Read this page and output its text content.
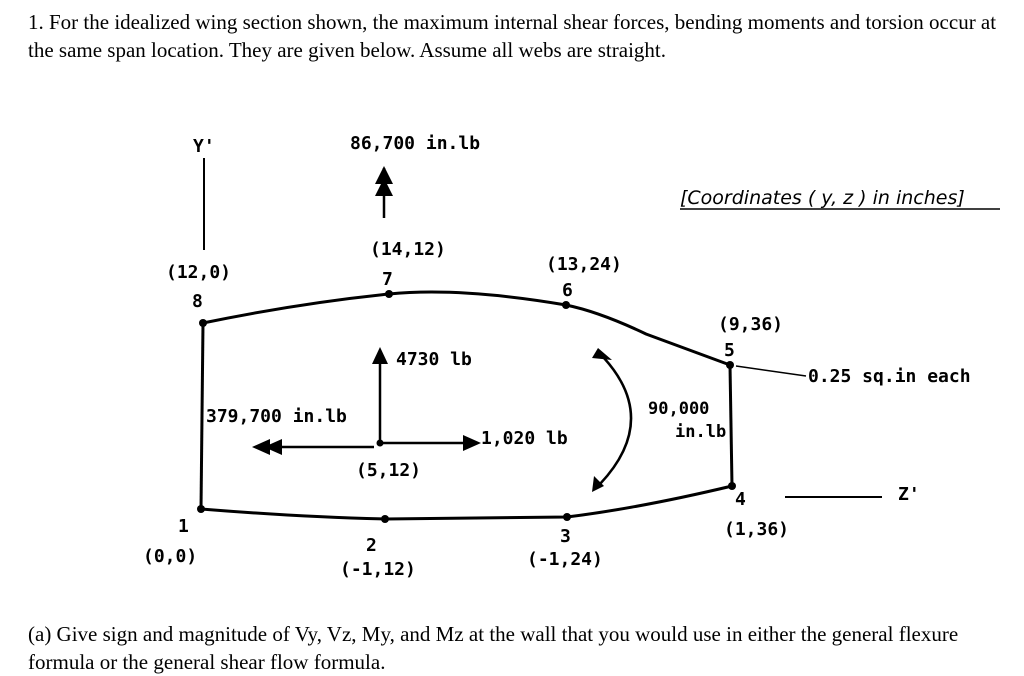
1. For the idealized wing section shown, the maximum internal shear forces, bending moments and torsion occur at the same span location. They are given below. Assume all webs are straight.

Y'
Z'
1
2	3
4
5
6
7
8
(0,0)
(-1,12)	(-1,24)
(1,36)
(9,36)
(13,24)
(14,12)
(12,0)
[Coordinates ( y, z ) in inches]
86,700 in.lb
4730 lb
1,020 lb
379,700 in.lb
(5,12)
90,000
in.lb
0.25 sq.in each

(a) Give sign and magnitude of Vy, Vz, My, and Mz at the wall that you would use in either the general flexure formula or the general shear flow formula.
